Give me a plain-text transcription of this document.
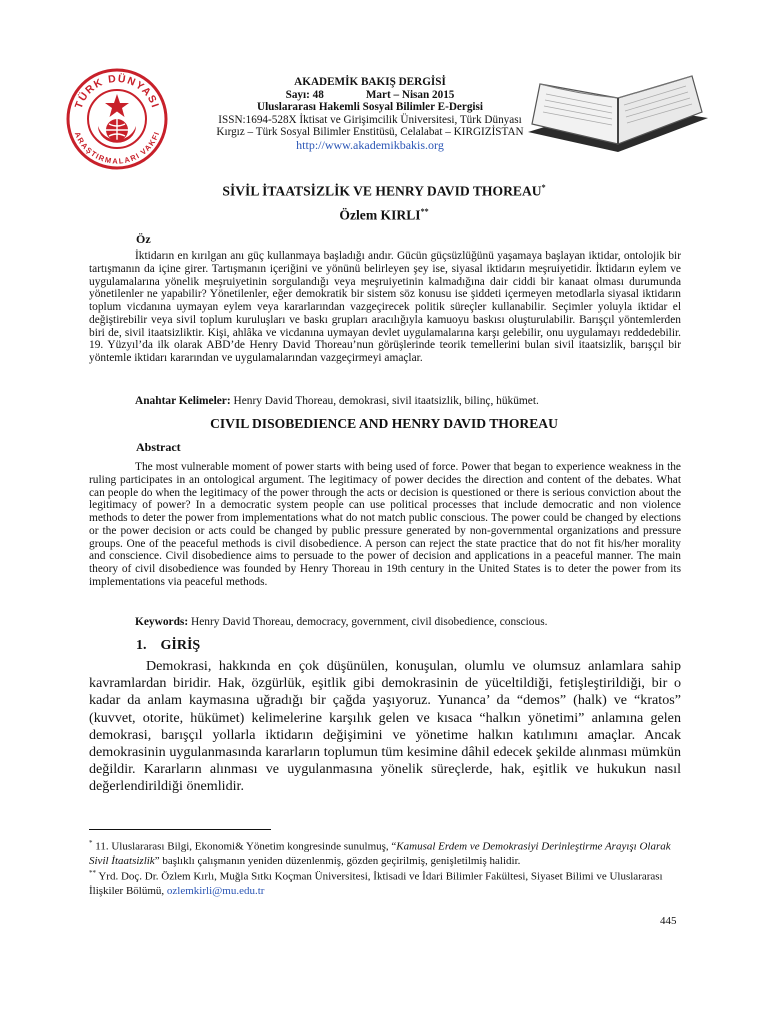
TÜRK DÜNYASI
ARAŞTIRMALARI VAKFI
AKADEMİK BAKIŞ DERGİSİ
Sayı: 48	Mart – Nisan 2015
Uluslararası Hakemli Sosyal Bilimler E-Dergisi
ISSN:1694-528X İktisat ve Girişimcilik Üniversitesi, Türk Dünyası
Kırgız – Türk Sosyal Bilimler Enstitüsü, Celalabat – KIRGIZİSTAN
http://www.akademikbakis.org
SİVİL İTAATSİZLİK VE HENRY DAVID THOREAU*
Özlem KIRLI**
Öz
İktidarın en kırılgan anı güç kullanmaya başladığı andır. Gücün güçsüzlüğünü yaşamaya başlayan iktidar, ontolojik bir tartışmanın da içine girer. Tartışmanın içeriğini ve yönünü belirleyen şey ise, siyasal iktidarın meşruiyetidir. İktidarın eylem ve uygulamalarına yönelik meşruiyetinin sorgulandığı veya meşruiyetinin kalmadığına dair ciddi bir kanaat olması durumunda yönetilenler ne yapabilir? Yönetilenler, eğer demokratik bir sistem söz konusu ise şiddeti içermeyen metodlarla siyasal iktidarın toplum vicdanına uymayan eylem veya kararlarından vazgeçirecek politik süreçler kullanabilir. Seçimler yoluyla iktidar el değiştirebilir veya sivil toplum kuruluşları ve baskı grupları aracılığıyla kamuoyu baskısı oluşturulabilir. Barışçıl yöntemlerden biri de, sivil itaatsizliktir. Kişi, ahlâka ve vicdanına uymayan devlet uygulamalarına karşı gelebilir, onu uygulamayı reddedebilir. 19. Yüzyıl’da ilk olarak ABD’de Henry David Thoreau’nun görüşlerinde teorik temellerini bulan sivil itaatsizlik, barışçıl bir yöntemle iktidarı kararından ve uygulamalarından vazgeçirmeyi amaçlar.
Anahtar Kelimeler: Henry David Thoreau, demokrasi, sivil itaatsizlik, bilinç, hükümet.
CIVIL DISOBEDIENCE AND HENRY DAVID THOREAU
Abstract
The most vulnerable moment of power starts with being used of force. Power that began to experience weakness in the ruling participates in an ontological argument. The legitimacy of power decides the direction and content of the debates. What can people do when the legitimacy of the power through the acts or decision is questioned or there is serious conviction about the legitimacy of power? In a democratic system people can use political processes that include democratic and non violence methods to deter the power from implementations what do not match public conscious. The power could be changed by elections or the power decision or acts could be changed by public pressure generated by non-governmental organizations and pressure groups. One of the peaceful methods is civil disobedience. A person can reject the state practice that do not fit his/her morality and conscience. Civil disobedience aims to persuade to the power of decision and applications in a peaceful manner. The main theory of civil disobedience was founded by Henry Thoreau in 19th century in the United States is to deter the power from its implementations via peaceful methods.
Keywords: Henry David Thoreau, democracy, government, civil disobedience, conscious.
1. GİRİŞ
Demokrasi, hakkında en çok düşünülen, konuşulan, olumlu ve olumsuz anlamlara sahip kavramlardan biridir. Hak, özgürlük, eşitlik gibi demokrasinin de yüceltildiği, fetişleştirildiği, bir o kadar da anlam kaymasına uğradığı bir çağda yaşıyoruz. Yunanca’ da “demos” (halk) ve “kratos” (kuvvet, otorite, hükümet) kelimelerine karşılık gelen ve kısaca “halkın yönetimi” anlamına gelen demokrasi, barışçıl yollarla iktidarın değişimini ve yönetime halkın katılımını amaçlar. Ancak demokrasinin uygulanmasında kararların toplumun tüm kesimine dâhil edecek şekilde alınması mümkün değildir. Kararların alınması ve uygulanmasına yönelik süreçlerde, hak, eşitlik ve hukukun nasıl değerlendirildiği önemlidir.
* 11. Uluslararası Bilgi, Ekonomi& Yönetim kongresinde sunulmuş, “Kamusal Erdem ve Demokrasiyi Derinleştirme Arayışı Olarak Sivil İtaatsizlik” başlıklı çalışmanın yeniden düzenlenmiş, gözden geçirilmiş, genişletilmiş halidir.
** Yrd. Doç. Dr. Özlem Kırlı, Muğla Sıtkı Koçman Üniversitesi, İktisadi ve İdari Bilimler Fakültesi, Siyaset Bilimi ve Uluslararası İlişkiler Bölümü, ozlemkirli@mu.edu.tr
445
